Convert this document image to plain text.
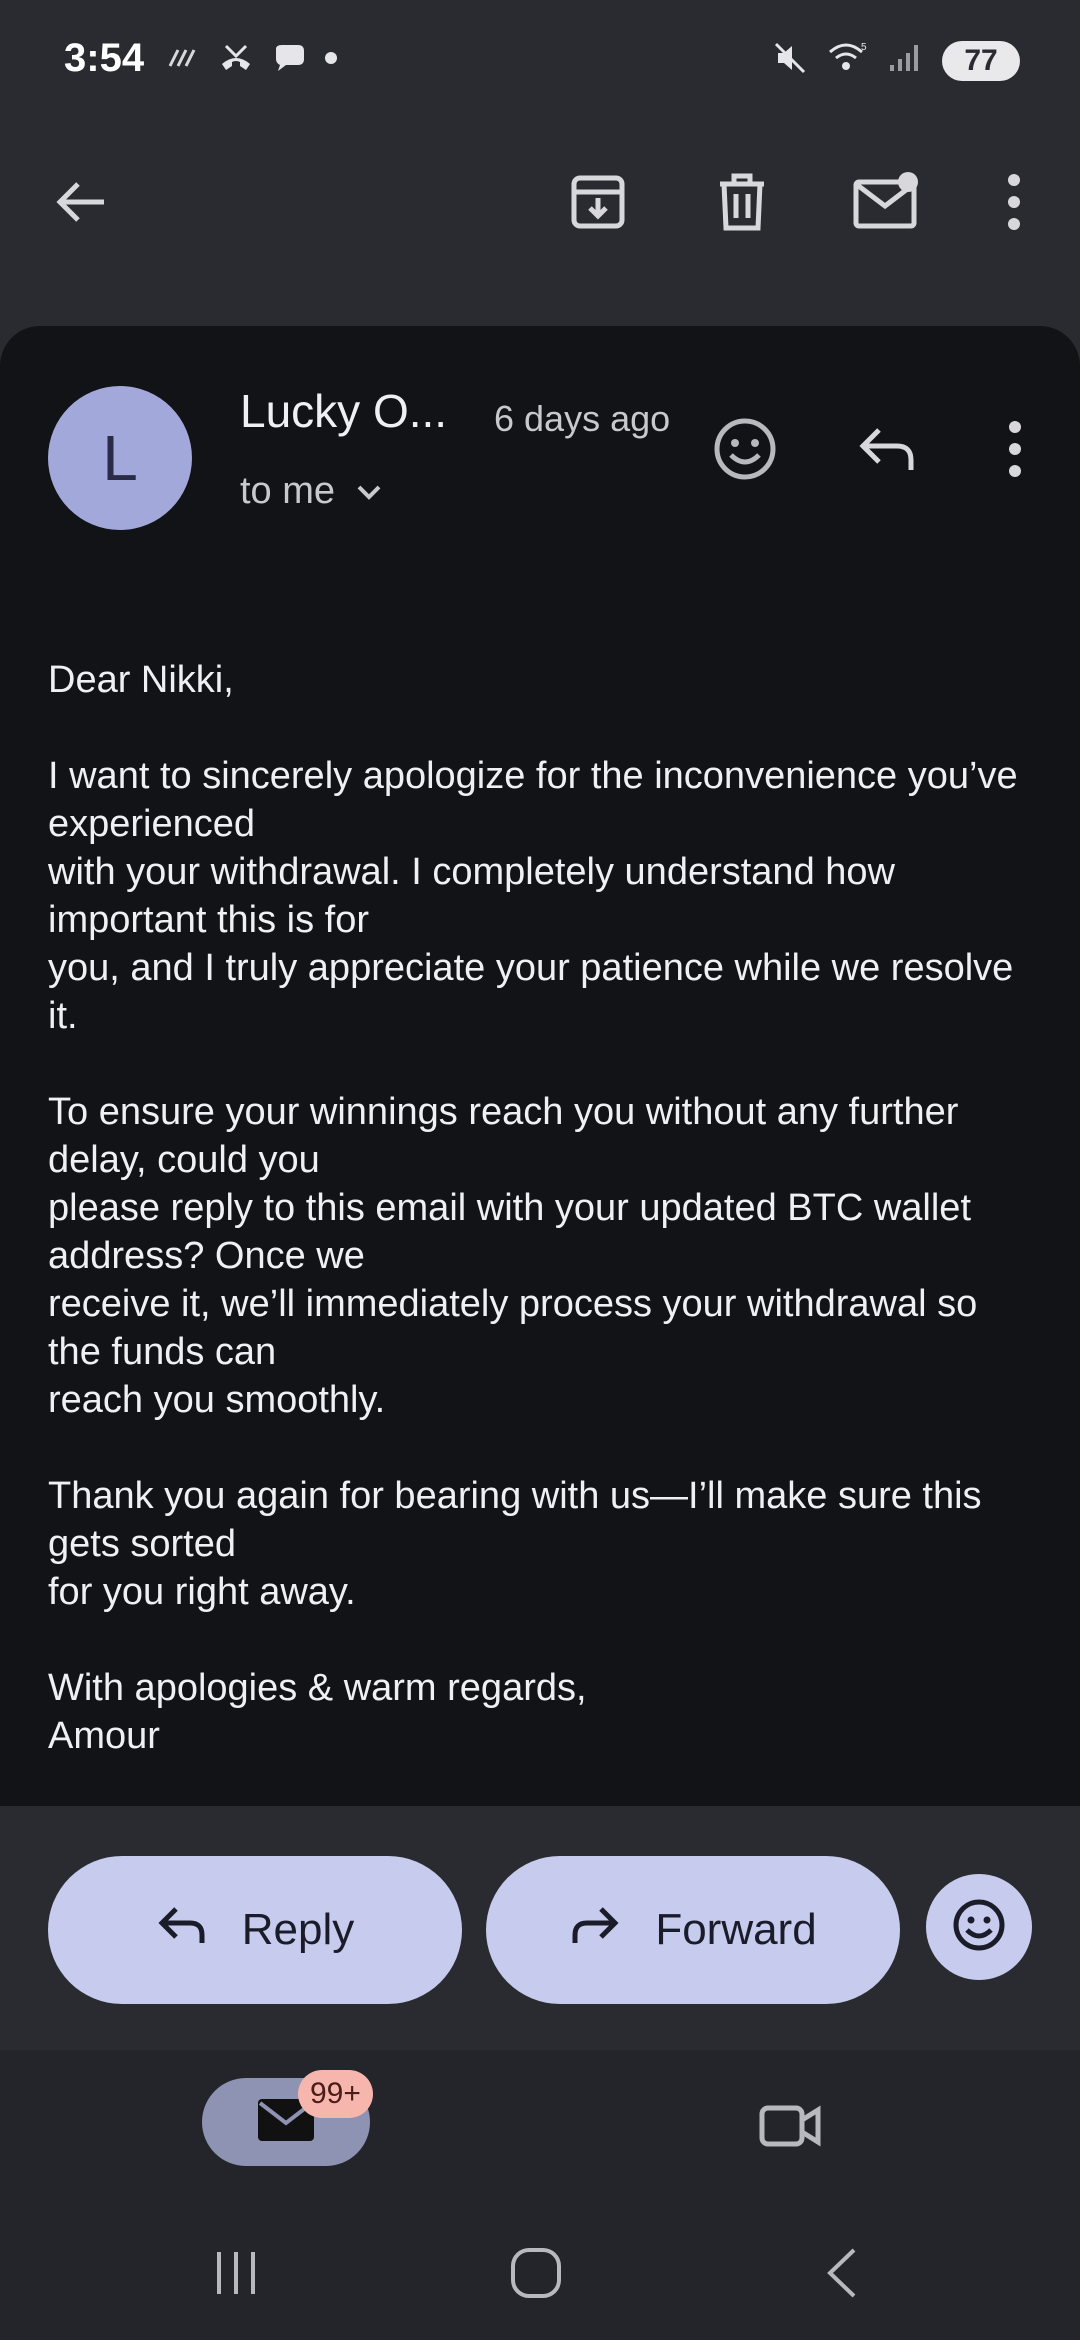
3:54	5	77
L
Lucky O... 6 days ago
to me

Dear Nikki,

I want to sincerely apologize for the inconvenience you’ve experienced
with your withdrawal. I completely understand how important this is for
you, and I truly appreciate your patience while we resolve it.

To ensure your winnings reach you without any further delay, could you
please reply to this email with your updated BTC wallet address? Once we
receive it, we’ll immediately process your withdrawal so the funds can
reach you smoothly.

Thank you again for bearing with us—I’ll make sure this gets sorted
for you right away.

With apologies & warm regards,
Amour

Reply	Forward
99+
